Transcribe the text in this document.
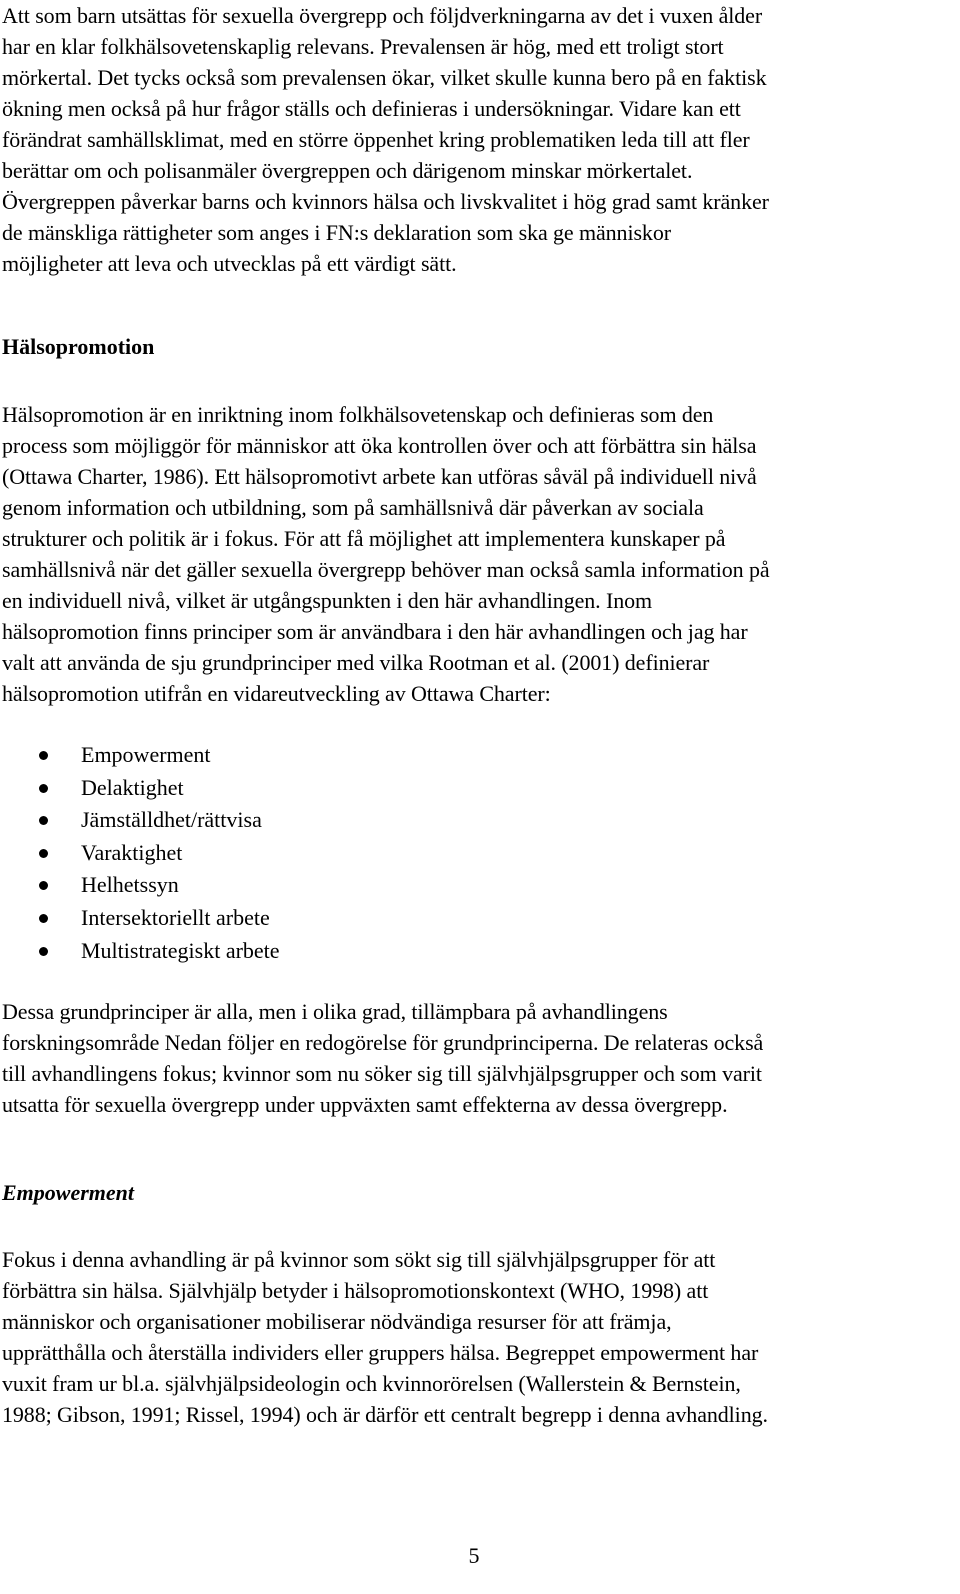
Att som barn utsättas för sexuella övergrepp och följdverkningarna av det i vuxen ålder
har en klar folkhälsovetenskaplig relevans. Prevalensen är hög, med ett troligt stort
mörkertal. Det tycks också som prevalensen ökar, vilket skulle kunna bero på en faktisk
ökning men också på hur frågor ställs och definieras i undersökningar. Vidare kan ett
förändrat samhällsklimat, med en större öppenhet kring problematiken leda till att fler
berättar om och polisanmäler övergreppen och därigenom minskar mörkertalet.
Övergreppen påverkar barns och kvinnors hälsa och livskvalitet i hög grad samt kränker
de mänskliga rättigheter som anges i FN:s deklaration som ska ge människor
möjligheter att leva och utvecklas på ett värdigt sätt.

Hälsopromotion

Hälsopromotion är en inriktning inom folkhälsovetenskap och definieras som den
process som möjliggör för människor att öka kontrollen över och att förbättra sin hälsa
(Ottawa Charter, 1986). Ett hälsopromotivt arbete kan utföras såväl på individuell nivå
genom information och utbildning, som på samhällsnivå där påverkan av sociala
strukturer och politik är i fokus. För att få möjlighet att implementera kunskaper på
samhällsnivå när det gäller sexuella övergrepp behöver man också samla information på
en individuell nivå, vilket är utgångspunkten i den här avhandlingen. Inom
hälsopromotion finns principer som är användbara i den här avhandlingen och jag har
valt att använda de sju grundprinciper med vilka Rootman et al. (2001) definierar
hälsopromotion utifrån en vidareutveckling av Ottawa Charter:

Empowerment
Delaktighet
Jämställdhet/rättvisa
Varaktighet
Helhetssyn
Intersektoriellt arbete
Multistrategiskt arbete

Dessa grundprinciper är alla, men i olika grad, tillämpbara på avhandlingens
forskningsområde Nedan följer en redogörelse för grundprinciperna. De relateras också
till avhandlingens fokus; kvinnor som nu söker sig till självhjälpsgrupper och som varit
utsatta för sexuella övergrepp under uppväxten samt effekterna av dessa övergrepp.

Empowerment

Fokus i denna avhandling är på kvinnor som sökt sig till självhjälpsgrupper för att
förbättra sin hälsa. Självhjälp betyder i hälsopromotionskontext (WHO, 1998) att
människor och organisationer mobiliserar nödvändiga resurser för att främja,
upprätthålla och återställa individers eller gruppers hälsa. Begreppet empowerment har
vuxit fram ur bl.a. självhjälpsideologin och kvinnorörelsen (Wallerstein & Bernstein,
1988; Gibson, 1991; Rissel, 1994) och är därför ett centralt begrepp i denna avhandling.

5
